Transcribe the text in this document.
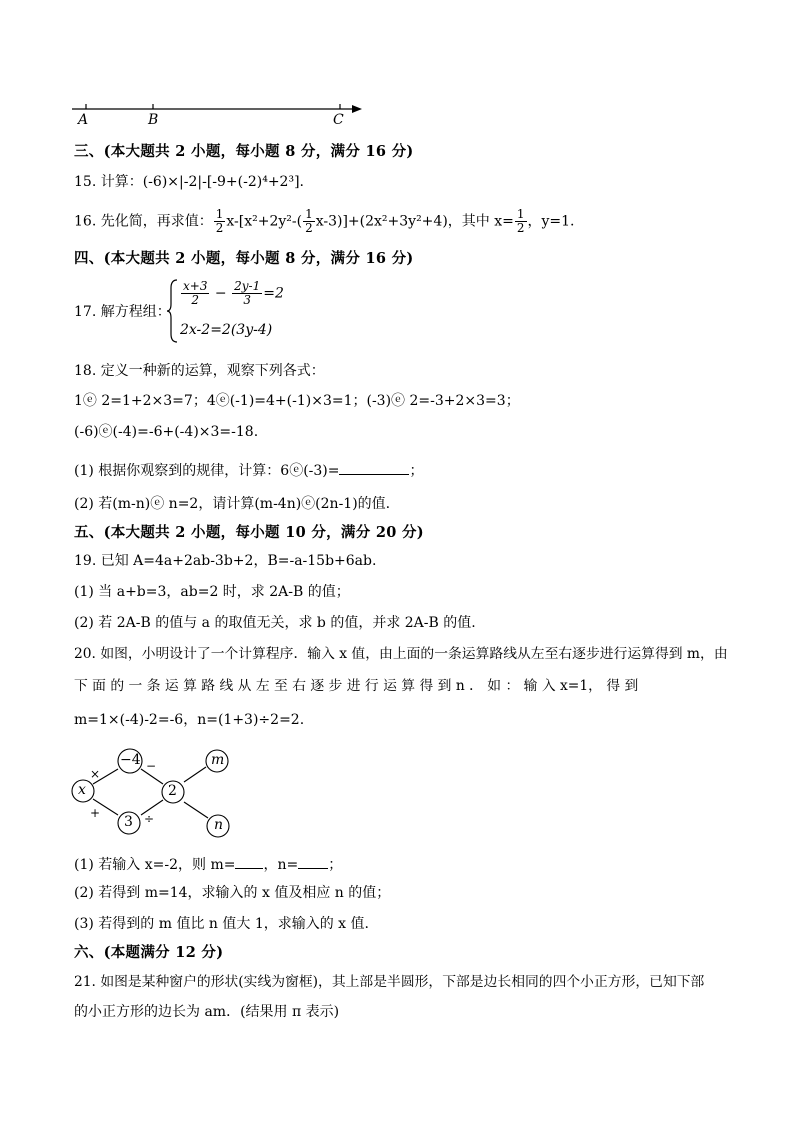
A	B	C
三、(本大题共 2 小题，每小题 8 分，满分 16 分)
15. 计算：(-6)×|-2|-[-9+(-2)⁴+2³].
16. 先化简，再求值： $\frac{1}{2} x-[x^2+2y^2-( \frac{1}{2} x-3)]+(2x^2+3y^2+4)$，其中 $x= \frac{1}{2}$ ，y=1.
四、(本大题共 2 小题，每小题 8 分，满分 16 分)
17. 解方程组：
$\frac{x+3}{2} - \frac{2y-1}{3} =2$
2x-2=2(3y-4)
18. 定义一种新的运算，观察下列各式：
1ⓔ 2=1+2×3=7；4ⓔ(-1)=4+(-1)×3=1；(-3)ⓔ 2=-3+2×3=3；
(-6)ⓔ(-4)=-6+(-4)×3=-18.
(1) 根据你观察到的规律，计算：6ⓔ(-3)=	；
(2) 若(m-n)ⓔ n=2，请计算(m-4n)ⓔ(2n-1)的值.
五、(本大题共 2 小题，每小题 10 分，满分 20 分)
19. 已知 A=4a+2ab-3b+2，B=-a-15b+6ab.
(1) 当 a+b=3，ab=2 时，求 2A-B 的值；
(2) 若 2A-B 的值与 a 的取值无关，求 b 的值，并求 2A-B 的值.
20. 如图，小明设计了一个计算程序．输入 x 值，由上面的一条运算路线从左至右逐步进行运算得到 m，由
下 面 的 一 条 运 算 路 线 从 左 至 右 逐 步 进 行 运 算 得 到 n ． 如 ： 输 入 x=1， 得 到
m=1×(-4)-2=-6，n=(1+3)÷2=2.
x
−4
2
m
3	n
×
−
+	÷
(1) 若输入 x=-2，则 m= ，n= ；
(2) 若得到 m=14，求输入的 x 值及相应 n 的值；
(3) 若得到的 m 值比 n 值大 1，求输入的 x 值.
六、(本题满分 12 分)
21. 如图是某种窗户的形状(实线为窗框)，其上部是半圆形，下部是边长相同的四个小正方形，已知下部
的小正方形的边长为 am．(结果用 π 表示)
